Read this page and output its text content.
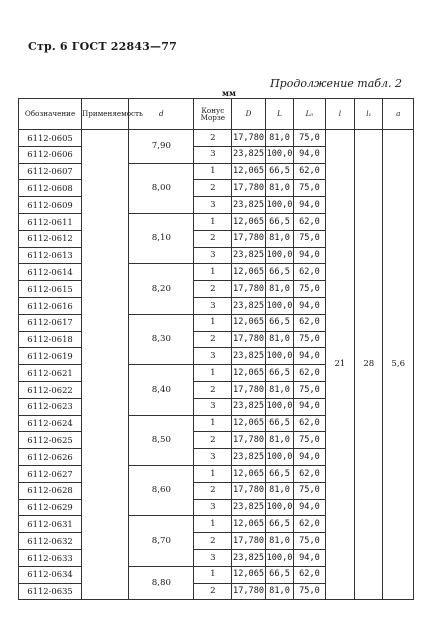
Стр. 6 ГОСТ 22843—77
Продолжение табл. 2
мм
Обозначение	Применяемость	d	Конус Морзе	D	L	L₀	l	l₁	a
6112-0605		7,90	2	17,780	81,0	75,0	21	28	5,6
6112-0606			3	23,825	100,0	94,0			
6112-0607		8,00	1	12,065	66,5	62,0			
6112-0608			2	17,780	81,0	75,0			
6112-0609			3	23,825	100,0	94,0			
6112-0611		8,10	1	12,065	66,5	62,0			
6112-0612			2	17,780	81,0	75,0			
6112-0613			3	23,825	100,0	94,0			
6112-0614		8,20	1	12,065	66,5	62,0			
6112-0615			2	17,780	81,0	75,0			
6112-0616			3	23,825	100,0	94,0			
6112-0617		8,30	1	12,065	66,5	62,0			
6112-0618			2	17,780	81,0	75,0			
6112-0619			3	23,825	100,0	94,0			
6112-0621		8,40	1	12,065	66,5	62,0			
6112-0622			2	17,780	81,0	75,0			
6112-0623			3	23,825	100,0	94,0			
6112-0624		8,50	1	12,065	66,5	62,0			
6112-0625			2	17,780	81,0	75,0			
6112-0626			3	23,825	100,0	94,0			
6112-0627		8,60	1	12,065	66,5	62,0			
6112-0628			2	17,780	81,0	75,0			
6112-0629			3	23,825	100,0	94,0			
6112-0631		8,70	1	12,065	66,5	62,0			
6112-0632			2	17,780	81,0	75,0			
6112-0633			3	23,825	100,0	94,0			
6112-0634		8,80	1	12,065	66,5	62,0			
6112-0635			2	17,780	81,0	75,0			
